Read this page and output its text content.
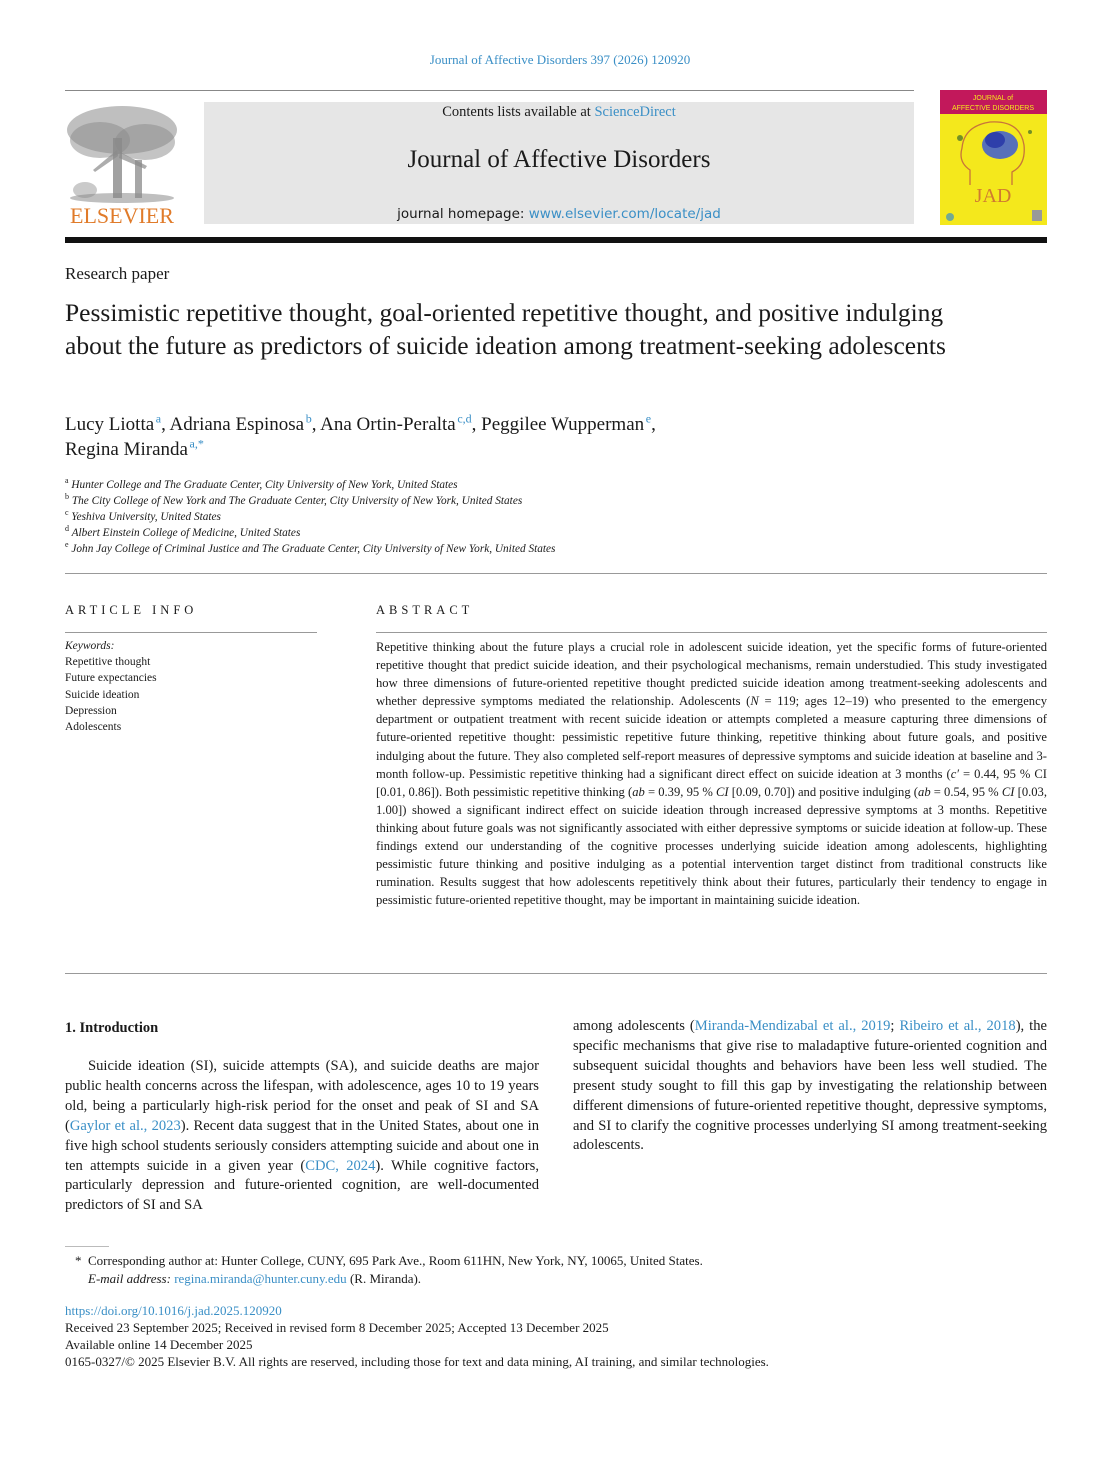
Journal of Affective Disorders 397 (2026) 120920
ELSEVIER
Contents lists available at ScienceDirect
Journal of Affective Disorders
journal homepage: www.elsevier.com/locate/jad
JOURNAL of
AFFECTIVE DISORDERS
JAD
Research paper
Pessimistic repetitive thought, goal-oriented repetitive thought, and positive indulging about the future as predictors of suicide ideation among treatment-seeking adolescents
Lucy Liotta  $^a$, Adriana Espinosa  $^b$, Ana Ortin-Peralta  $^{c,d}$, Peggilee Wupperman  $^e$,
Regina Miranda  $^{a,*}$
$^a$ Hunter College and The Graduate Center, City University of New York, United States
$^b$ The City College of New York and The Graduate Center, City University of New York, United States
$^c$ Yeshiva University, United States
$^d$ Albert Einstein College of Medicine, United States
$^e$ John Jay College of Criminal Justice and The Graduate Center, City University of New York, United States
ARTICLE INFO
Keywords:
Repetitive thought
Future expectancies
Suicide ideation
Depression
Adolescents
ABSTRACT

Repetitive thinking about the future plays a crucial role in adolescent suicide ideation, yet the specific forms of future-oriented repetitive thought that predict suicide ideation, and their psychological mechanisms, remain understudied. This study investigated how three dimensions of future-oriented repetitive thought predicted suicide ideation among treatment-seeking adolescents and whether depressive symptoms mediated the relationship. Adolescents (N = 119; ages 12–19) who presented to the emergency department or outpatient treatment with recent suicide ideation or attempts completed a measure capturing three dimensions of future-oriented repetitive thought: pessimistic repetitive future thinking, repetitive thinking about future goals, and positive indulging about the future. They also completed self-report measures of depressive symptoms and suicide ideation at baseline and 3-month follow-up. Pessimistic repetitive thinking had a significant direct effect on suicide ideation at 3 months (c′ = 0.44, 95 % CI [0.01, 0.86]). Both pessimistic repetitive thinking (ab = 0.39, 95 % CI [0.09, 0.70]) and positive indulging (ab = 0.54, 95 % CI [0.03, 1.00]) showed a significant indirect effect on suicide ideation through increased depressive symptoms at 3 months. Repetitive thinking about future goals was not significantly associated with either depressive symptoms or suicide ideation at follow-up. These findings extend our understanding of the cognitive processes underlying suicide ideation among adolescents, highlighting pessimistic future thinking and positive indulging as a potential intervention target distinct from traditional constructs like rumination. Results suggest that how adolescents repetitively think about their futures, particularly their tendency to engage in pessimistic future-oriented repetitive thought, may be important in maintaining suicide ideation.

1. Introduction

Suicide ideation (SI), suicide attempts (SA), and suicide deaths are major public health concerns across the lifespan, with adolescence, ages 10 to 19 years old, being a particularly high-risk period for the onset and peak of SI and SA (Gaylor et al., 2023). Recent data suggest that in the United States, about one in five high school students seriously considers attempting suicide and about one in ten attempts suicide in a given year (CDC, 2024). While cognitive factors, particularly depression and future-oriented cognition, are well-documented predictors of SI and SA

among adolescents (Miranda-Mendizabal et al., 2019; Ribeiro et al., 2018), the specific mechanisms that give rise to maladaptive future-oriented cognition and subsequent suicidal thoughts and behaviors have been less well studied. The present study sought to fill this gap by investigating the relationship between different dimensions of future-oriented repetitive thought, depressive symptoms, and SI to clarify the cognitive processes underlying SI among treatment-seeking adolescents.

* Corresponding author at: Hunter College, CUNY, 695 Park Ave., Room 611HN, New York, NY, 10065, United States.
E-mail address: regina.miranda@hunter.cuny.edu (R. Miranda).
https://doi.org/10.1016/j.jad.2025.120920
Received 23 September 2025; Received in revised form 8 December 2025; Accepted 13 December 2025
Available online 14 December 2025
0165-0327/© 2025 Elsevier B.V. All rights are reserved, including those for text and data mining, AI training, and similar technologies.
